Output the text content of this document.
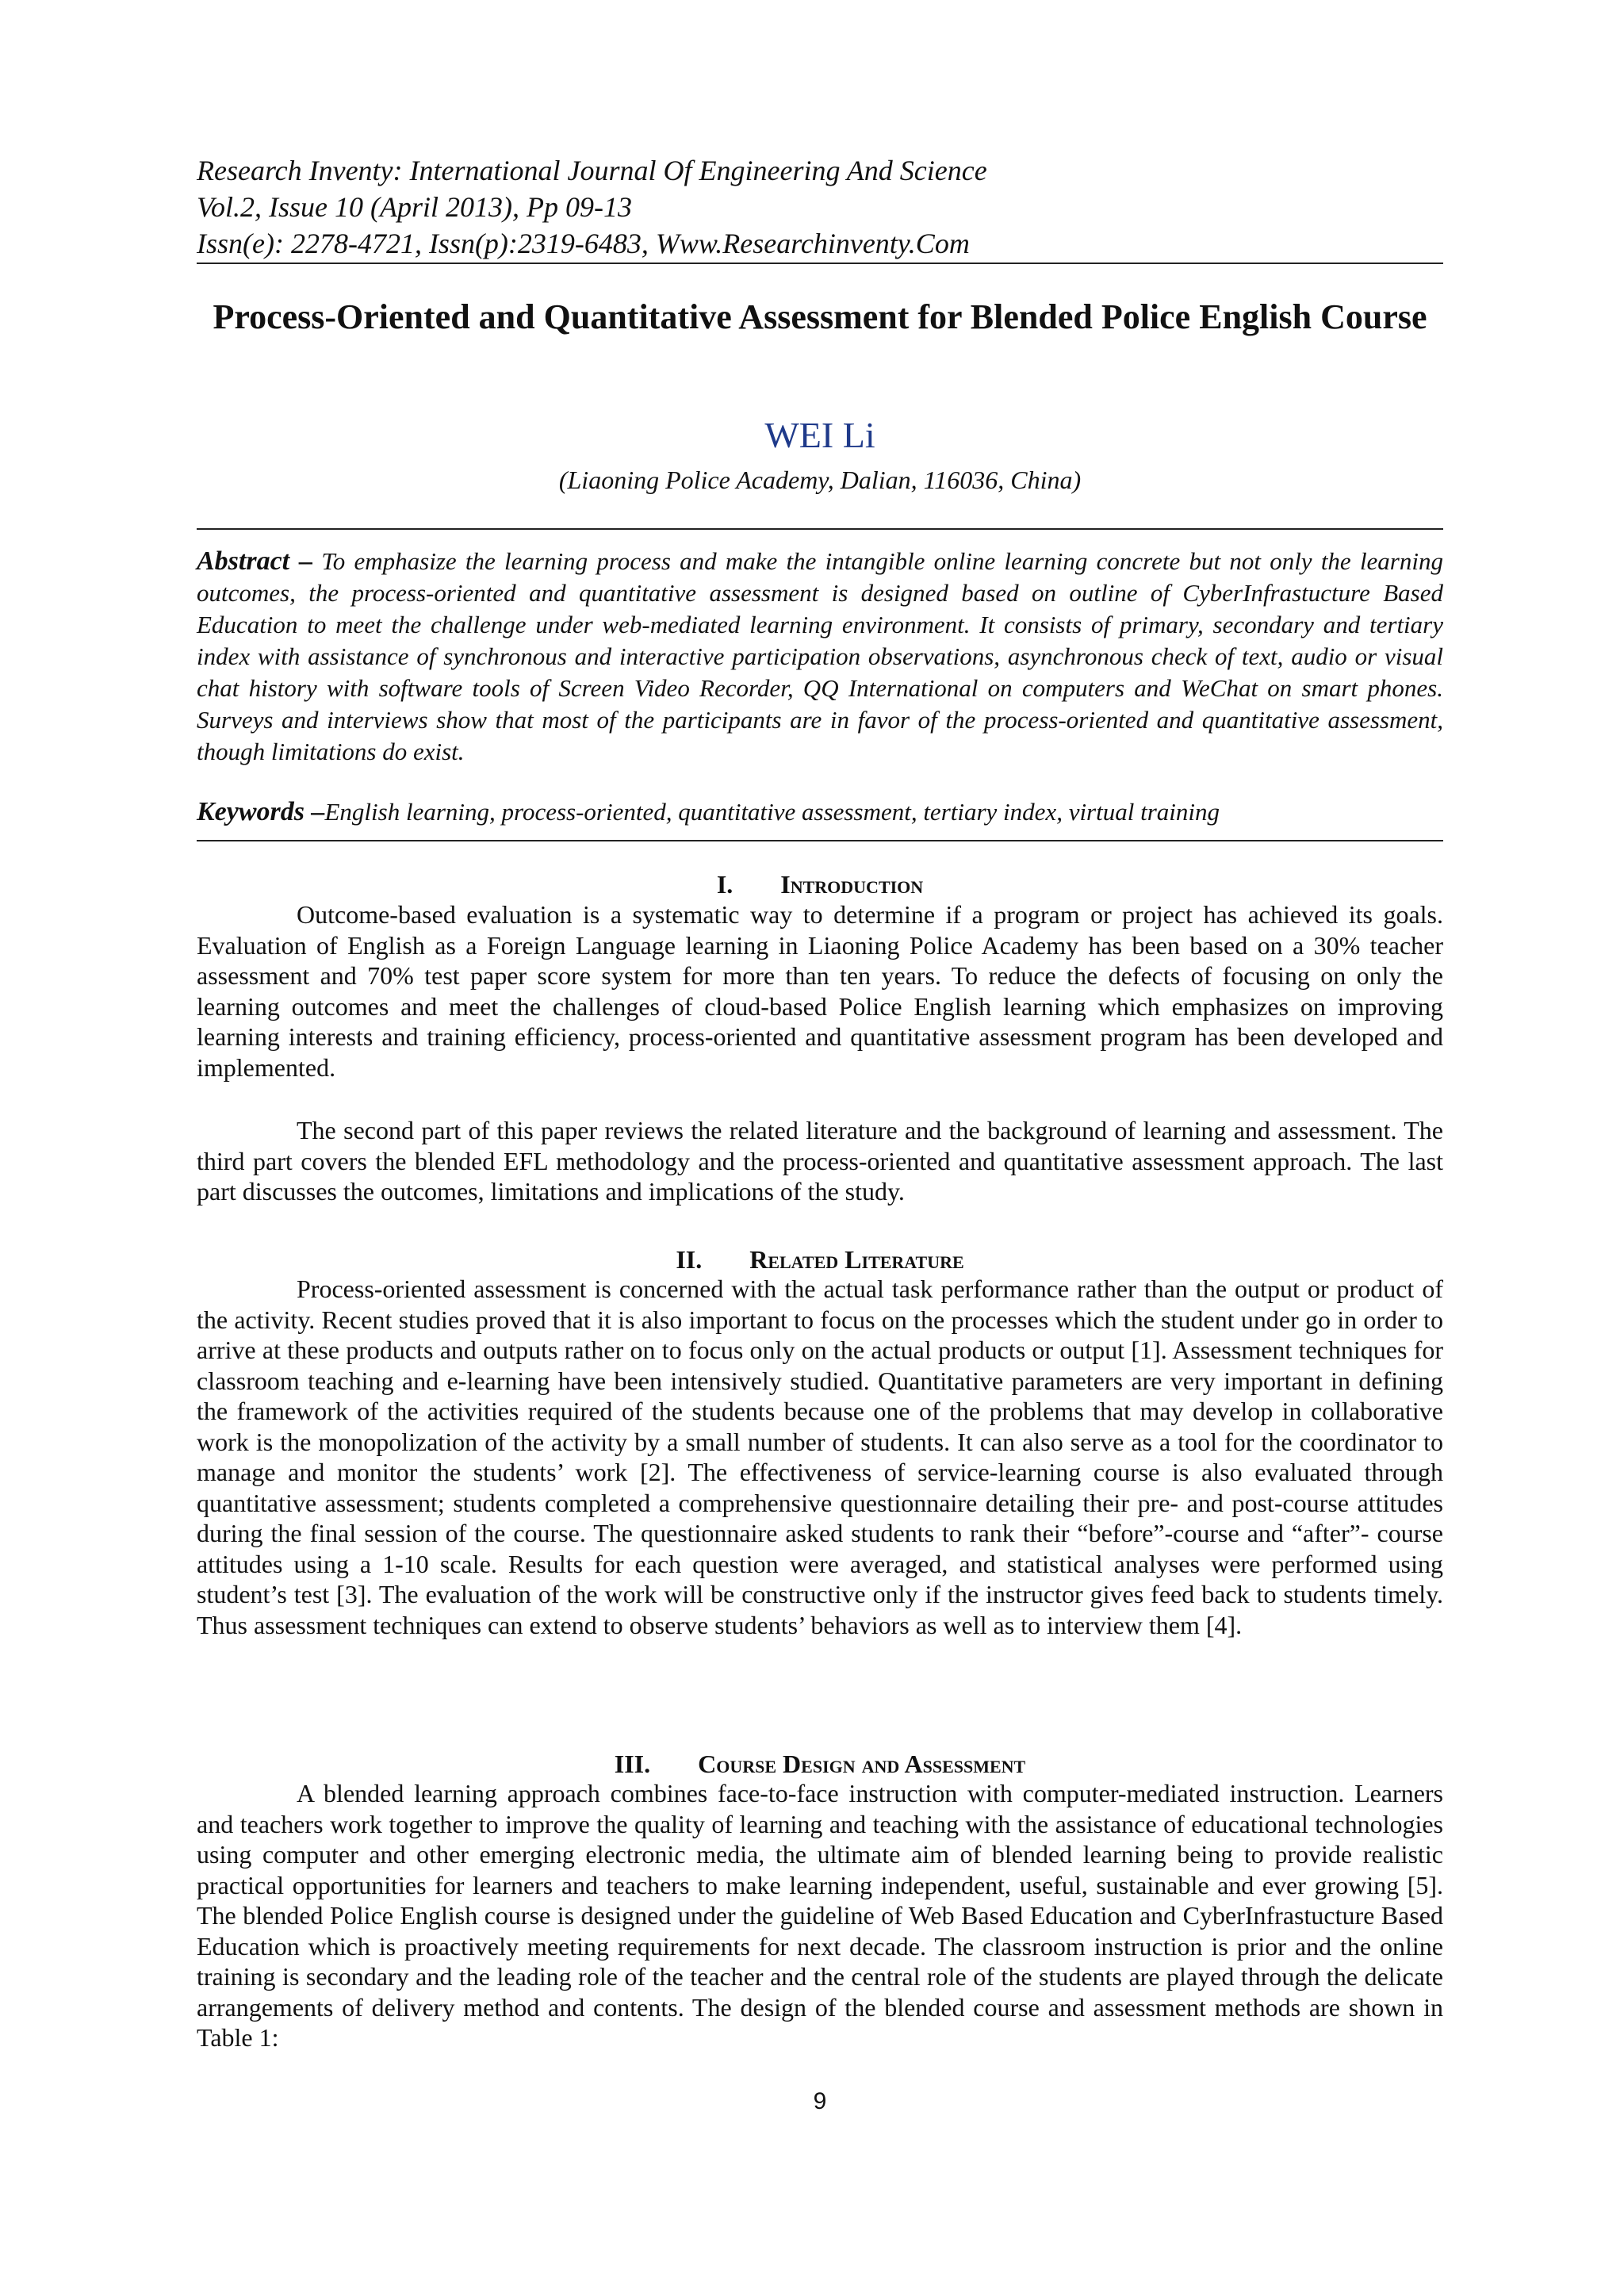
Research Inventy: International Journal Of Engineering And Science
Vol.2, Issue 10 (April 2013), Pp 09-13
Issn(e): 2278-4721, Issn(p):2319-6483, Www.Researchinventy.Com
Process-Oriented and Quantitative Assessment for Blended Police English Course
WEI Li
(Liaoning Police Academy, Dalian, 116036, China)
Abstract – To emphasize the learning process and make the intangible online learning concrete but not only the learning outcomes, the process-oriented and quantitative assessment is designed based on outline of CyberInfrastucture Based Education to meet the challenge under web-mediated learning environment. It consists of primary, secondary and tertiary index with assistance of synchronous and interactive participation observations, asynchronous check of text, audio or visual chat history with software tools of Screen Video Recorder, QQ International on computers and WeChat on smart phones. Surveys and interviews show that most of the participants are in favor of the process-oriented and quantitative assessment, though limitations do exist.
Keywords –English learning, process-oriented, quantitative assessment, tertiary index, virtual training
I. Introduction
Outcome-based evaluation is a systematic way to determine if a program or project has achieved its goals. Evaluation of English as a Foreign Language learning in Liaoning Police Academy has been based on a 30% teacher assessment and 70% test paper score system for more than ten years. To reduce the defects of focusing on only the learning outcomes and meet the challenges of cloud-based Police English learning which emphasizes on improving learning interests and training efficiency, process-oriented and quantitative assessment program has been developed and implemented.
The second part of this paper reviews the related literature and the background of learning and assessment. The third part covers the blended EFL methodology and the process-oriented and quantitative assessment approach. The last part discusses the outcomes, limitations and implications of the study.
II. Related Literature
Process-oriented assessment is concerned with the actual task performance rather than the output or product of the activity. Recent studies proved that it is also important to focus on the processes which the student under go in order to arrive at these products and outputs rather on to focus only on the actual products or output [1]. Assessment techniques for classroom teaching and e-learning have been intensively studied. Quantitative parameters are very important in defining the framework of the activities required of the students because one of the problems that may develop in collaborative work is the monopolization of the activity by a small number of students. It can also serve as a tool for the coordinator to manage and monitor the students’ work [2]. The effectiveness of service-learning course is also evaluated through quantitative assessment; students completed a comprehensive questionnaire detailing their pre- and post-course attitudes during the final session of the course. The questionnaire asked students to rank their “before”-course and “after”- course attitudes using a 1-10 scale. Results for each question were averaged, and statistical analyses were performed using student’s test [3]. The evaluation of the work will be constructive only if the instructor gives feed back to students timely. Thus assessment techniques can extend to observe students’ behaviors as well as to interview them [4].
III. Course Design and Assessment
A blended learning approach combines face-to-face instruction with computer-mediated instruction. Learners and teachers work together to improve the quality of learning and teaching with the assistance of educational technologies using computer and other emerging electronic media, the ultimate aim of blended learning being to provide realistic practical opportunities for learners and teachers to make learning independent, useful, sustainable and ever growing [5]. The blended Police English course is designed under the guideline of Web Based Education and CyberInfrastucture Based Education which is proactively meeting requirements for next decade. The classroom instruction is prior and the online training is secondary and the leading role of the teacher and the central role of the students are played through the delicate arrangements of delivery method and contents. The design of the blended course and assessment methods are shown in Table 1:
9
